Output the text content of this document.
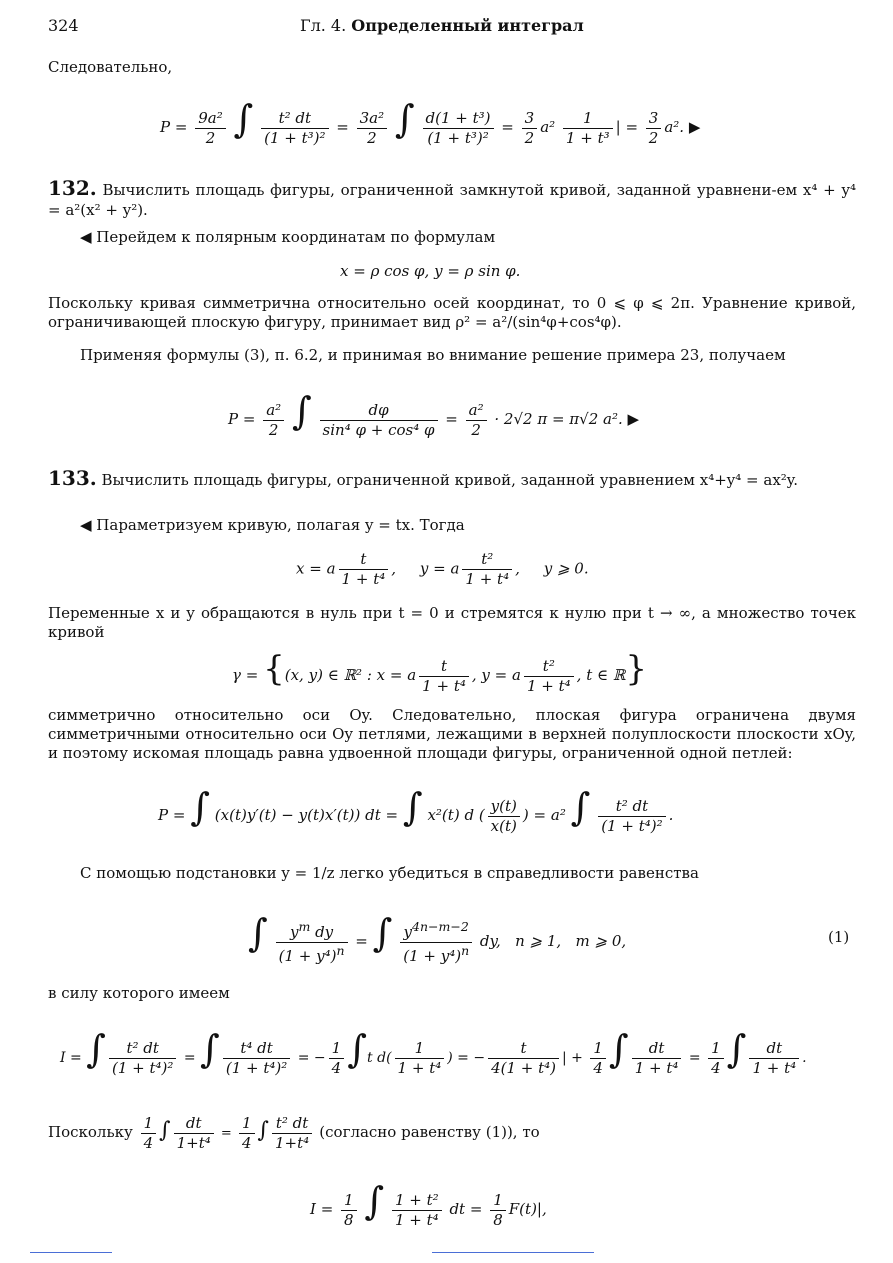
324	Гл. 4. Определенный интеграл
Следовательно,
$P = \frac{\text{9a²}}{2}$ ∫ $\frac{\text{t² dt}}{\text{(1 + t³)²}} = \frac{\text{3a²}}{2}$ ∫ $\frac{\text{d(1 + t³)}}{\text{(1 + t³)²}} = \frac{3}{2} a^2 \frac{1}{\text{1 + t³}}$ | = $\frac{3}{2} a^2$. ▶
132. Вычислить площадь фигуры, ограниченной замкнутой кривой, заданной уравнени-ем x⁴ + y⁴ = a²(x² + y²).
◀ Перейдем к полярным координатам по формулам
x = ρ cos φ, y = ρ sin φ.
Поскольку кривая симметрична относительно осей координат, то 0 ⩽ φ ⩽ 2π. Уравнение кривой, ограничивающей плоскую фигуру, принимает вид ρ² = a²/(sin⁴φ+cos⁴φ).
Применяя формулы (3), п. 6.2, и принимая во внимание решение примера 23, получаем
$P = \frac{\text{a²}}{2}$ ∫ $\frac{d\varphi}{\text{sin⁴ φ + cos⁴ φ}} = \frac{\text{a²}}{2} \cdot 2√2$ π = π√2 a². ▶
133. Вычислить площадь фигуры, ограниченной кривой, заданной уравнением x⁴+y⁴ = ax²y.
◀ Параметризуем кривую, полагая y = tx. Тогда
x = a $\frac{t}{\text{1 + t⁴}}$ ,     y = a $\frac{\text{t²}}{\text{1 + t⁴}}$ ,     y ⩾ 0.
Переменные x и y обращаются в нуль при t = 0 и стремятся к нулю при t → ∞, а множество точек кривой
γ = {(x, y) ∈ ℝ² : x = a $\frac{t}{\text{1 + t⁴}}$ , y = a $\frac{\text{t²}}{\text{1 + t⁴}}$ , t ∈ ℝ}
симметрично относительно оси Oy. Следовательно, плоская фигура ограничена двумя симметричными относительно оси Oy петлями, лежащими в верхней полуплоскости плоскости xOy, и поэтому искомая площадь равна удвоенной площади фигуры, ограниченной одной петлей:
P = ∫ (x(t)y′(t) − y(t)x′(t)) dt = ∫ x²(t) d ( $\frac{y(t)}{x(t)}$ ) = a² ∫ $\frac{\text{t² dt}}{\text{(1 + t⁴)²}}$ .
С помощью подстановки y = 1/z легко убедиться в справедливости равенства
∫ $\frac{y^m dy}{(1 + y^4)^n}$ = ∫ $\frac{y^{4n-m-2}}{(1 + y^4)^n}$ dy,   n ⩾ 1,   m ⩾ 0,	(1)
в силу которого имеем
I = ∫ $\frac{\text{t² dt}}{\text{(1 + t⁴)²}}$ = ∫ $\frac{\text{t⁴ dt}}{\text{(1 + t⁴)²}}$ = − $\frac{1}{4} \int t$ $d( \frac{1}{\text{1 + t⁴}}$ ) = − $\frac{t}{\text{4(1 + t⁴)}}$ | + $\frac{1}{4}$ ∫ $\frac{dt}{\text{1 + t⁴}} = \frac{1}{4}$ ∫ $\frac{dt}{\text{1 + t⁴}}$ .
Поскольку $\frac{1}{4}$ ∫ $\frac{dt}{\text{1+t⁴}} = \frac{1}{4}$ ∫ $\frac{\text{t² dt}}{\text{1+t⁴}}$ (согласно равенству (1)), то
$I = \frac{1}{8}$ ∫ $\frac{\text{1 + t²}}{\text{1 + t⁴}}$ dt = $\frac{1}{8} F(t)|$,
